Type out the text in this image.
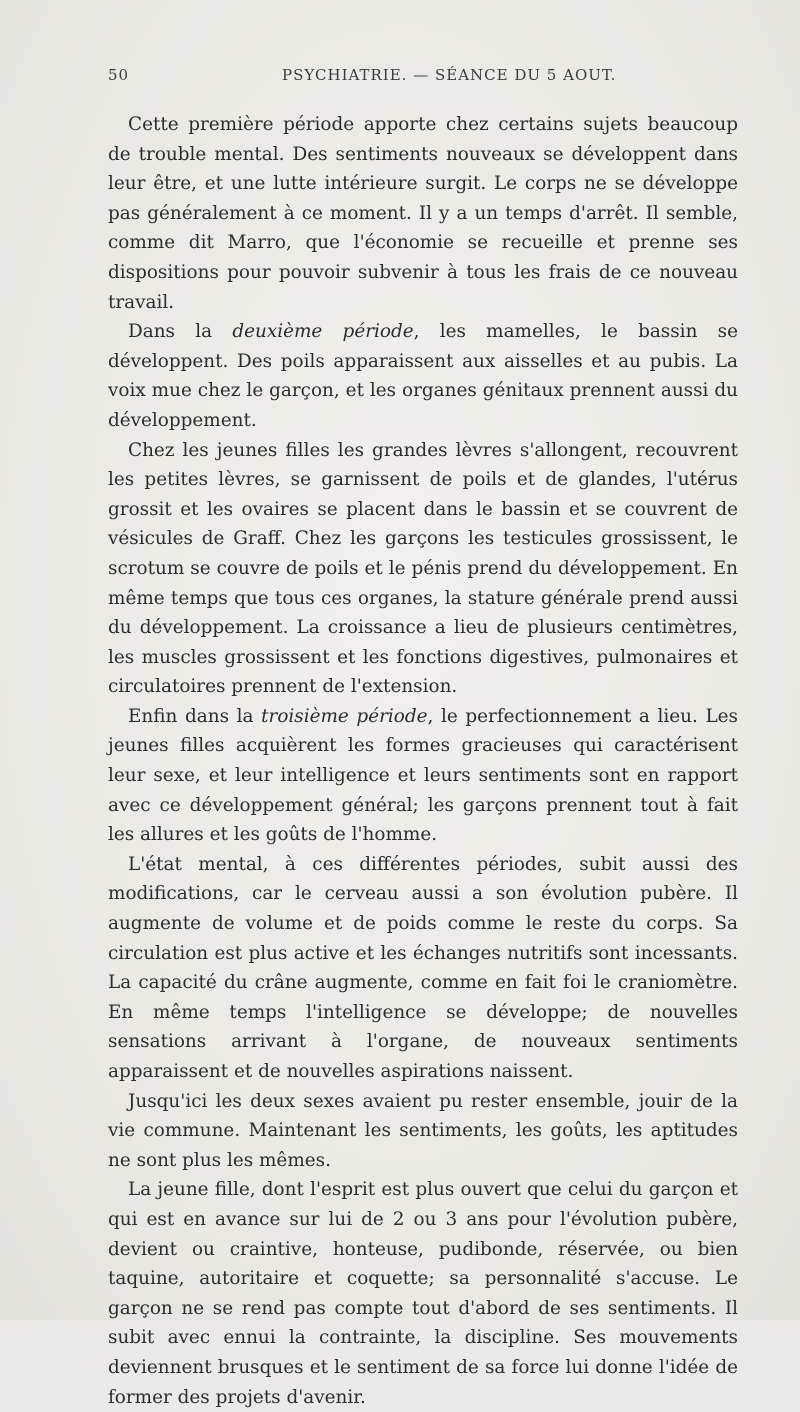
50	PSYCHIATRIE. — SÉANCE DU 5 AOUT.

Cette première période apporte chez certains sujets beaucoup de trouble mental. Des sentiments nouveaux se développent dans leur être, et une lutte intérieure surgit. Le corps ne se développe pas généralement à ce moment. Il y a un temps d'arrêt. Il semble, comme dit Marro, que l'économie se recueille et prenne ses dispositions pour pouvoir subvenir à tous les frais de ce nouveau travail.

Dans la deuxième période, les mamelles, le bassin se développent. Des poils apparaissent aux aisselles et au pubis. La voix mue chez le garçon, et les organes génitaux prennent aussi du développement.

Chez les jeunes filles les grandes lèvres s'allongent, recouvrent les petites lèvres, se garnissent de poils et de glandes, l'utérus grossit et les ovaires se placent dans le bassin et se couvrent de vésicules de Graff. Chez les garçons les testicules grossissent, le scrotum se couvre de poils et le pénis prend du développement. En même temps que tous ces organes, la stature générale prend aussi du développement. La croissance a lieu de plusieurs centimètres, les muscles grossissent et les fonctions digestives, pulmonaires et circulatoires prennent de l'extension.

Enfin dans la troisième période, le perfectionnement a lieu. Les jeunes filles acquièrent les formes gracieuses qui caractérisent leur sexe, et leur intelligence et leurs sentiments sont en rapport avec ce développement général; les garçons prennent tout à fait les allures et les goûts de l'homme.

L'état mental, à ces différentes périodes, subit aussi des modifications, car le cerveau aussi a son évolution pubère. Il augmente de volume et de poids comme le reste du corps. Sa circulation est plus active et les échanges nutritifs sont incessants. La capacité du crâne augmente, comme en fait foi le craniomètre. En même temps l'intelligence se développe; de nouvelles sensations arrivant à l'organe, de nouveaux sentiments apparaissent et de nouvelles aspirations naissent.

Jusqu'ici les deux sexes avaient pu rester ensemble, jouir de la vie commune. Maintenant les sentiments, les goûts, les aptitudes ne sont plus les mêmes.

La jeune fille, dont l'esprit est plus ouvert que celui du garçon et qui est en avance sur lui de 2 ou 3 ans pour l'évolution pubère, devient ou craintive, honteuse, pudibonde, réservée, ou bien taquine, autoritaire et coquette; sa personnalité s'accuse. Le garçon ne se rend pas compte tout d'abord de ses sentiments. Il subit avec ennui la contrainte, la discipline. Ses mouvements deviennent brusques et le sentiment de sa force lui donne l'idée de former des projets d'avenir.
